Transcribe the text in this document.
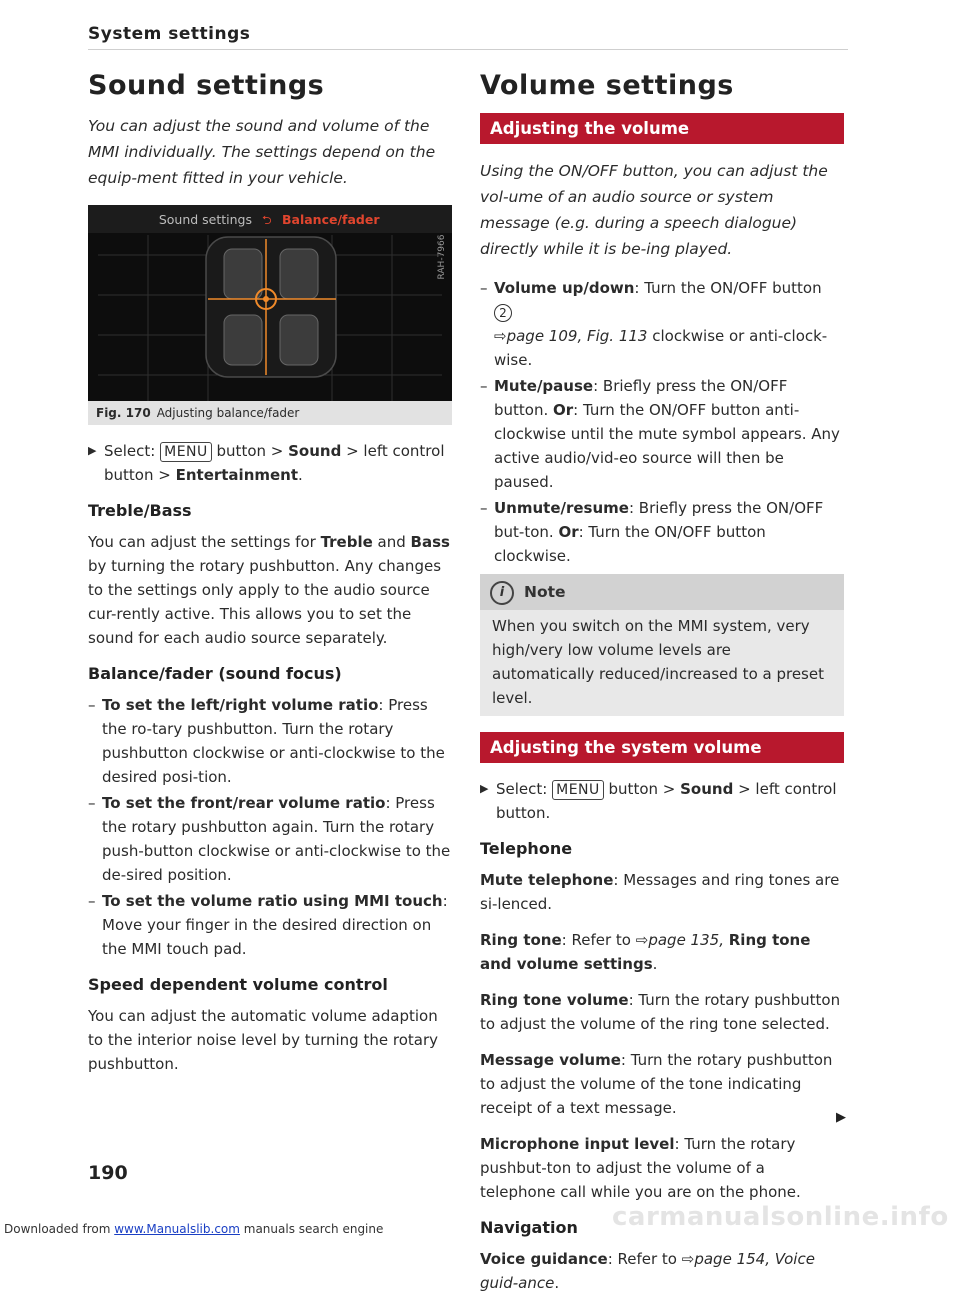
System settings
Sound settings

You can adjust the sound and volume of the MMI individually. The settings depend on the equip-ment fitted in your vehicle.

Sound settings ⮌ Balance/fader
RAH-7966
Fig. 170 Adjusting balance/fader
▶ Select: MENU button > Sound > left control button > Entertainment.
Treble/Bass

You can adjust the settings for Treble and Bass by turning the rotary pushbutton. Any changes to the settings only apply to the audio source cur-rently active. This allows you to set the sound for each audio source separately.

Balance/fader (sound focus)
– To set the left/right volume ratio: Press the ro-tary pushbutton. Turn the rotary pushbutton clockwise or anti-clockwise to the desired posi-tion.
– To set the front/rear volume ratio: Press the rotary pushbutton again. Turn the rotary push-button clockwise or anti-clockwise to the de-sired position.
– To set the volume ratio using MMI touch: Move your finger in the desired direction on the MMI touch pad.
Speed dependent volume control

You can adjust the automatic volume adaption to the interior noise level by turning the rotary pushbutton.

Volume settings
Adjusting the volume

Using the ON/OFF button, you can adjust the vol-ume of an audio source or system message (e.g. during a speech dialogue) directly while it is be-ing played.

– Volume up/down: Turn the ON/OFF button 2
⇨page 109, Fig. 113 clockwise or anti-clock-wise.
– Mute/pause: Briefly press the ON/OFF button. Or: Turn the ON/OFF button anti-clockwise until the mute symbol appears. Any active audio/vid-eo source will then be paused.
– Unmute/resume: Briefly press the ON/OFF but-ton. Or: Turn the ON/OFF button clockwise.
i Note
When you switch on the MMI system, very high/very low volume levels are automatically reduced/increased to a preset level.
Adjusting the system volume
▶ Select: MENU button > Sound > left control button.
Telephone

Mute telephone: Messages and ring tones are si-lenced.

Ring tone: Refer to ⇨page 135, Ring tone and volume settings.

Ring tone volume: Turn the rotary pushbutton to adjust the volume of the ring tone selected.

Message volume: Turn the rotary pushbutton to adjust the volume of the tone indicating receipt of a text message.

Microphone input level: Turn the rotary pushbut-ton to adjust the volume of a telephone call while you are on the phone.

Navigation

Voice guidance: Refer to ⇨page 154, Voice guid-ance.

▶
190
carmanualsonline.info
Downloaded from www.Manualslib.com manuals search engine
